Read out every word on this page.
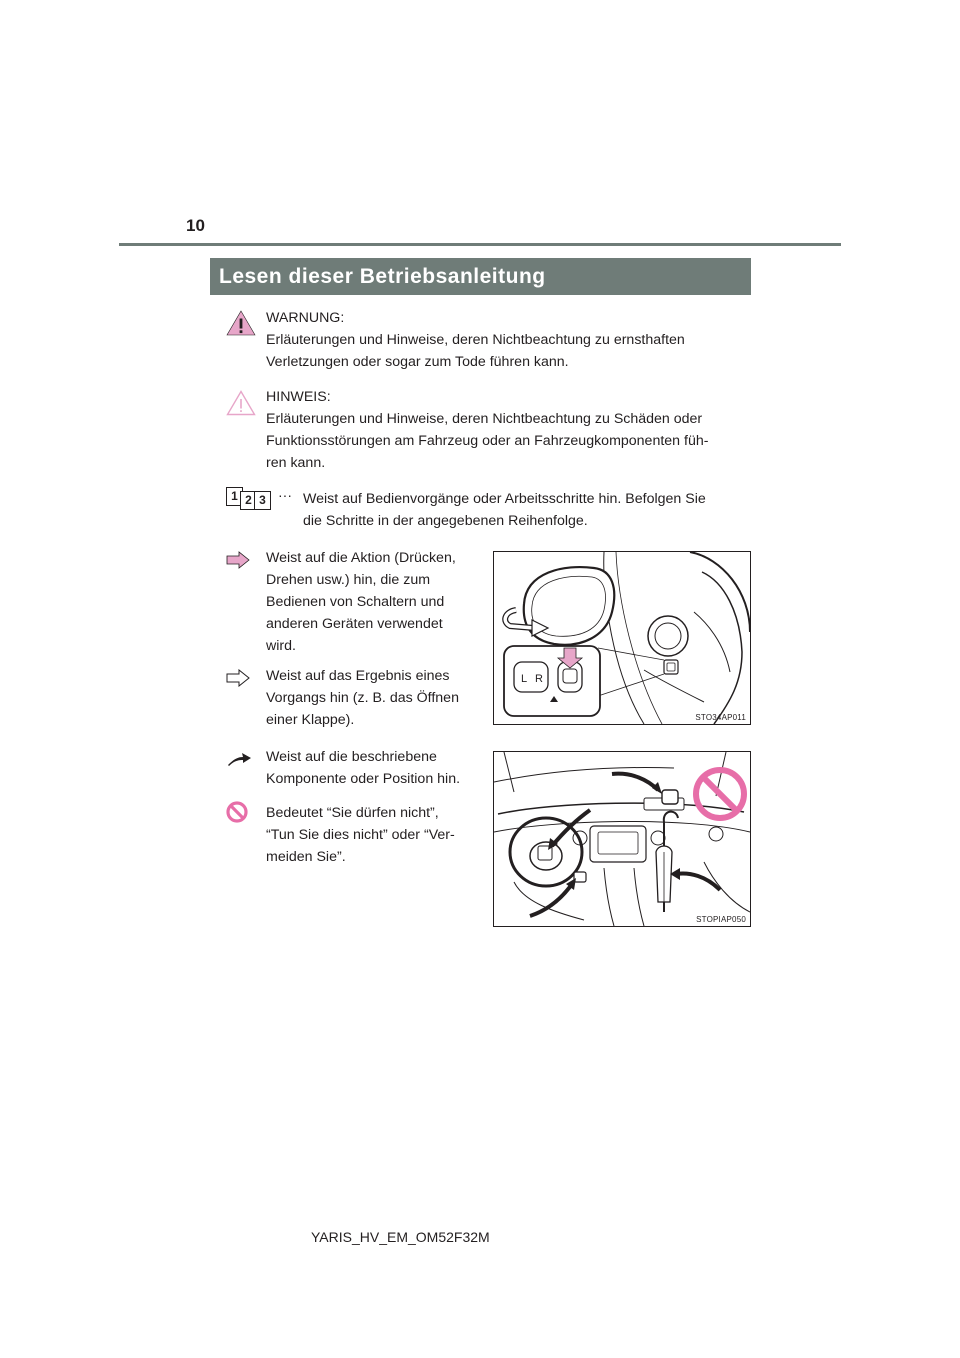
10
Lesen dieser Betriebsanleitung
WARNUNG:
Erläuterungen und Hinweise, deren Nichtbeachtung zu ernsthaften
Verletzungen oder sogar zum Tode führen kann.
HINWEIS:
Erläuterungen und Hinweise, deren Nichtbeachtung zu Schäden oder
Funktionsstörungen am Fahrzeug oder an Fahrzeugkomponenten füh-
ren kann.
1 2 3 ··· Weist auf Bedienvorgänge oder Arbeitsschritte hin. Befolgen Sie
die Schritte in der angegebenen Reihenfolge.
Weist auf die Aktion (Drücken,
Drehen usw.) hin, die zum
Bedienen von Schaltern und
anderen Geräten verwendet
wird.
Weist auf das Ergebnis eines
Vorgangs hin (z. B. das Öffnen
einer Klappe).
Weist auf die beschriebene
Komponente oder Position hin.
Bedeutet “Sie dürfen nicht”,
“Tun Sie dies nicht” oder “Ver-
meiden Sie”.
L R
STO34AP011
STOPIAP050
YARIS_HV_EM_OM52F32M
